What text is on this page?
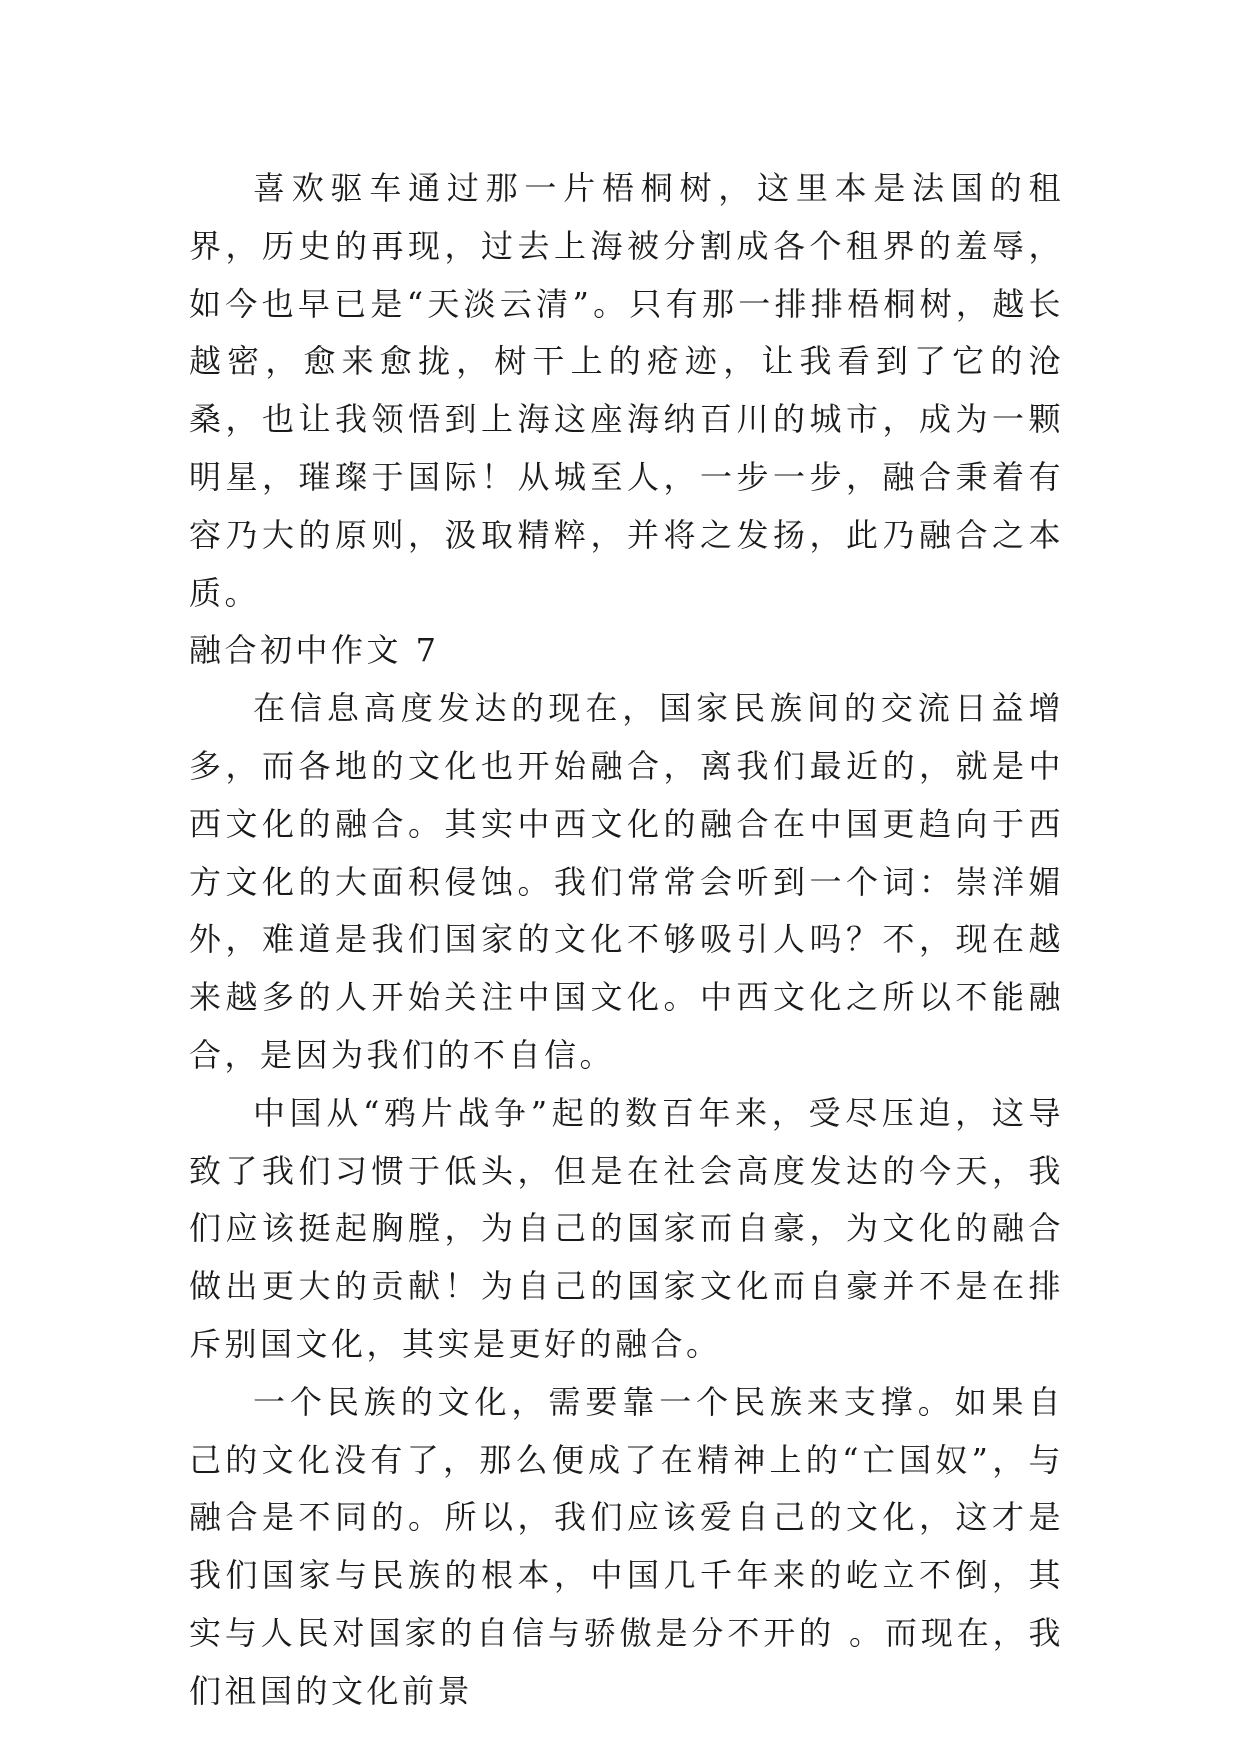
喜欢驱车通过那一片梧桐树，这里本是法国的租界，历史的再现，过去上海被分割成各个租界的羞辱，如今也早已是“天淡云清”。只有那一排排梧桐树，越长越密，愈来愈拢，树干上的疮迹，让我看到了它的沧桑，也让我领悟到上海这座海纳百川的城市，成为一颗明星，璀璨于国际！从城至人，一步一步，融合秉着有容乃大的原则，汲取精粹，并将之发扬，此乃融合之本质。

融合初中作文 7

在信息高度发达的现在，国家民族间的交流日益增多，而各地的文化也开始融合，离我们最近的，就是中西文化的融合。其实中西文化的融合在中国更趋向于西方文化的大面积侵蚀。我们常常会听到一个词：崇洋媚外，难道是我们国家的文化不够吸引人吗？不，现在越来越多的人开始关注中国文化。中西文化之所以不能融合，是因为我们的不自信。

中国从“鸦片战争”起的数百年来，受尽压迫，这导致了我们习惯于低头，但是在社会高度发达的今天，我们应该挺起胸膛，为自己的国家而自豪，为文化的融合做出更大的贡献！为自己的国家文化而自豪并不是在排斥别国文化，其实是更好的融合。

一个民族的文化，需要靠一个民族来支撑。如果自己的文化没有了，那么便成了在精神上的“亡国奴”，与融合是不同的。所以，我们应该爱自己的文化，这才是我们国家与民族的根本，中国几千年来的屹立不倒，其实与人民对国家的自信与骄傲是分不开的 。而现在，我们祖国的文化前景
